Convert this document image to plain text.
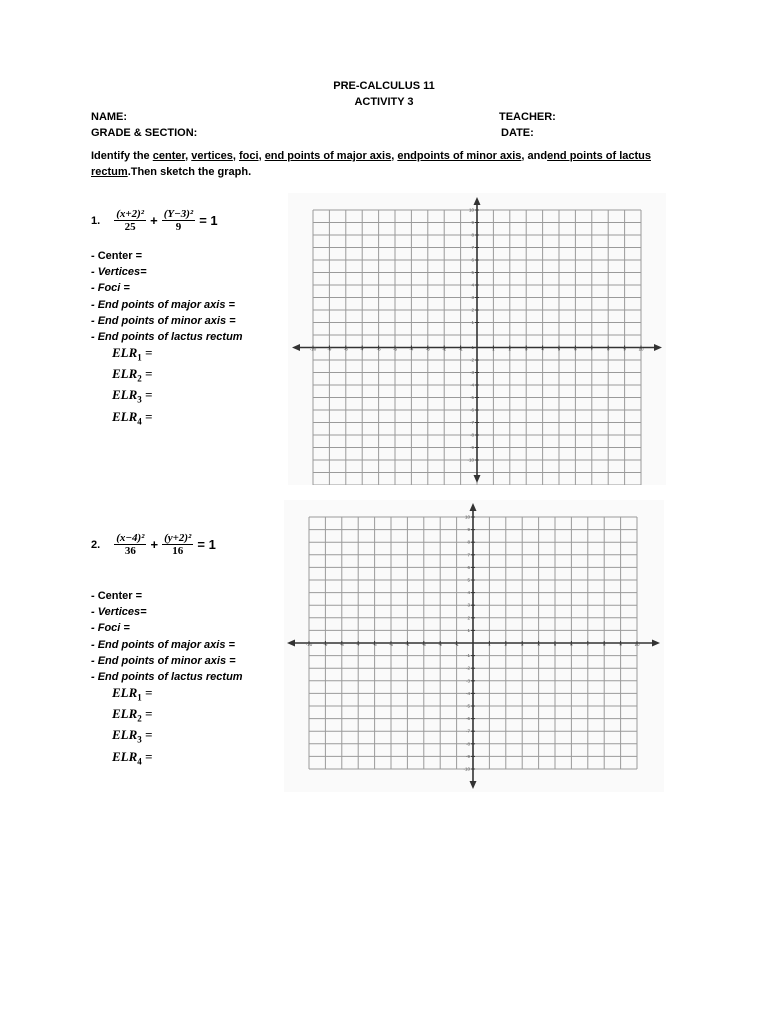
PRE-CALCULUS 11
ACTIVITY 3
NAME:	TEACHER:
GRADE & SECTION:	DATE:
Identify the center, vertices, foci, end points of major axis, endpoints of minor axis, andend points of lactus rectum.Then sketch the graph.
1. $\frac{\text{(x+2)²}}{25} + \frac{\text{(Y−3)²}}{9} = 1$
- Center =
- Vertices=
- Foci =
- End points of major axis =
- End points of minor axis =
- End points of lactus rectum
$ELR_1$ =
$ELR_2$ =
$ELR_3$ =
$ELR_4$ =
-10 -9	-8	-7	-6	-5	-4	-3	-2	-1	1	2	3	4	5	6	7	8	9	10
10
9
8
7
6
5
4
3
2
1
-1
-2
-3
-4
-5
-6
-7
-8
-9
-10
2. $\frac{\text{(x−4)²}}{36} + \frac{\text{(y+2)²}}{16} = 1$
- Center =
- Vertices=
- Foci =
- End points of major axis =
- End points of minor axis =
- End points of lactus rectum
$ELR_1$ =
$ELR_2$ =
$ELR_3$ =
$ELR_4$ =
-10 -9	-8	-7	-6	-5	-4	-3	-2	-1	1	2	3	4	5	6	7	8	9	10
10
9
8
7
6
5
4
3
2
1
-1
-2
-3
-4
-5
-6
-7
-8
-9
-10
